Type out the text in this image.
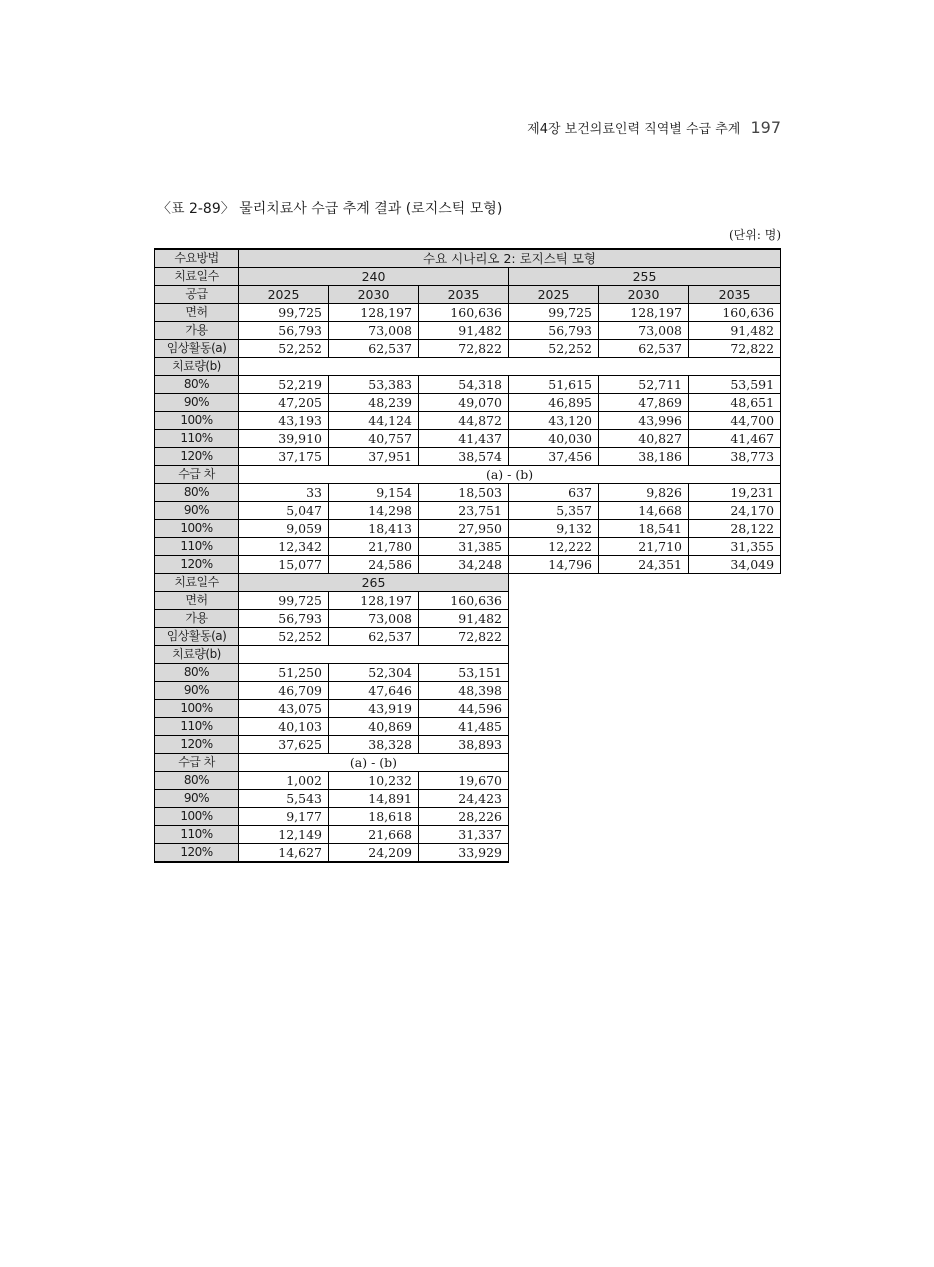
제4장 보건의료인력 직역별 수급 추계 197
〈표 2-89〉 물리치료사 수급 추계 결과 (로지스틱 모형)
(단위: 명)
수요방법	수요 시나리오 2: 로지스틱 모형					
치료일수	240			255		
공급	2025	2030	2035	2025	2030	2035
면허	99,725	128,197	160,636	99,725	128,197	160,636
가용	56,793	73,008	91,482	56,793	73,008	91,482
임상활동(a)	52,252	62,537	72,822	52,252	62,537	72,822
치료량(b)						
80%	52,219	53,383	54,318	51,615	52,711	53,591
90%	47,205	48,239	49,070	46,895	47,869	48,651
100%	43,193	44,124	44,872	43,120	43,996	44,700
110%	39,910	40,757	41,437	40,030	40,827	41,467
120%	37,175	37,951	38,574	37,456	38,186	38,773
수급 차	(a) - (b)					
80%	33	9,154	18,503	637	9,826	19,231
90%	5,047	14,298	23,751	5,357	14,668	24,170
100%	9,059	18,413	27,950	9,132	18,541	28,122
110%	12,342	21,780	31,385	12,222	21,710	31,355
120%	15,077	24,586	34,248	14,796	24,351	34,049
치료일수	265					
면허	99,725	128,197	160,636			
가용	56,793	73,008	91,482			
임상활동(a)	52,252	62,537	72,822			
치료량(b)						
80%	51,250	52,304	53,151			
90%	46,709	47,646	48,398			
100%	43,075	43,919	44,596			
110%	40,103	40,869	41,485			
120%	37,625	38,328	38,893			
수급 차	(a) - (b)					
80%	1,002	10,232	19,670			
90%	5,543	14,891	24,423			
100%	9,177	18,618	28,226			
110%	12,149	21,668	31,337			
120%	14,627	24,209	33,929			
